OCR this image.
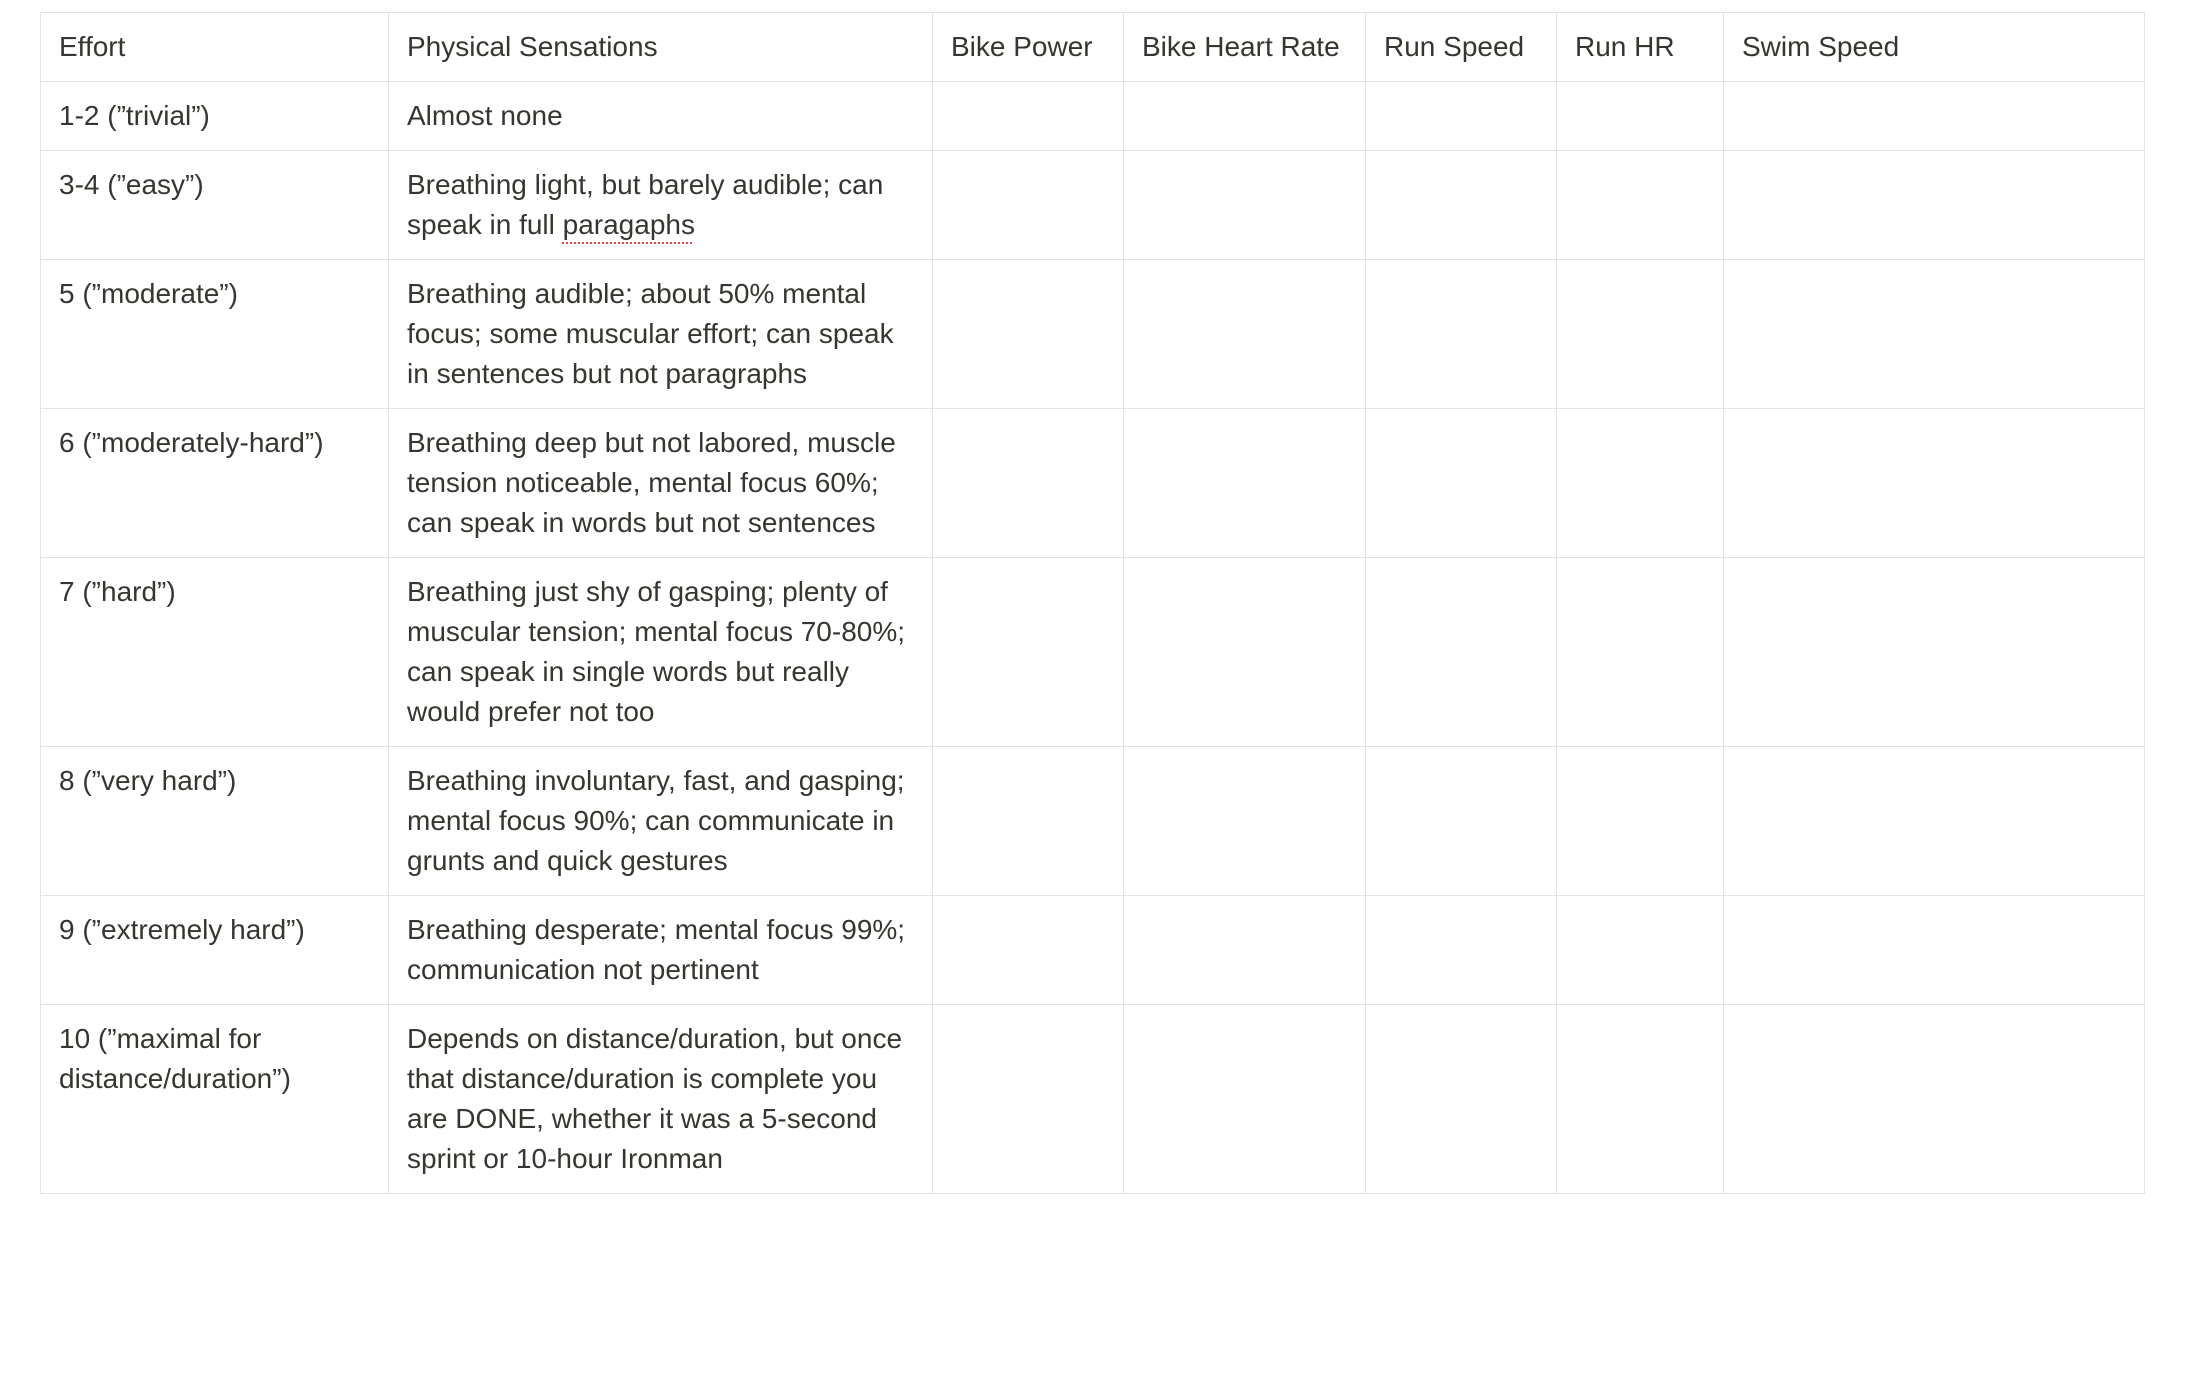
Effort	Physical Sensations	Bike Power	Bike Heart Rate	Run Speed	Run HR	Swim Speed
1-2 (”trivial”)	Almost none					
3-4 (”easy”)	Breathing light, but barely audible; can speak in full paragaphs					
5 (”moderate”)	Breathing audible; about 50% mental focus; some muscular effort; can speak in sentences but not paragraphs					
6 (”moderately-hard”)	Breathing deep but not labored, muscle tension noticeable, mental focus 60%; can speak in words but not sentences					
7 (”hard”)	Breathing just shy of gasping; plenty of muscular tension; mental focus 70-80%; can speak in single words but really would prefer not too					
8 (”very hard”)	Breathing involuntary, fast, and gasping; mental focus 90%; can communicate in grunts and quick gestures					
9 (”extremely hard”)	Breathing desperate; mental focus 99%; communication not pertinent					
10 (”maximal for distance/duration”)	Depends on distance/duration, but once that distance/duration is complete you are DONE, whether it was a 5-second sprint or 10-hour Ironman					
